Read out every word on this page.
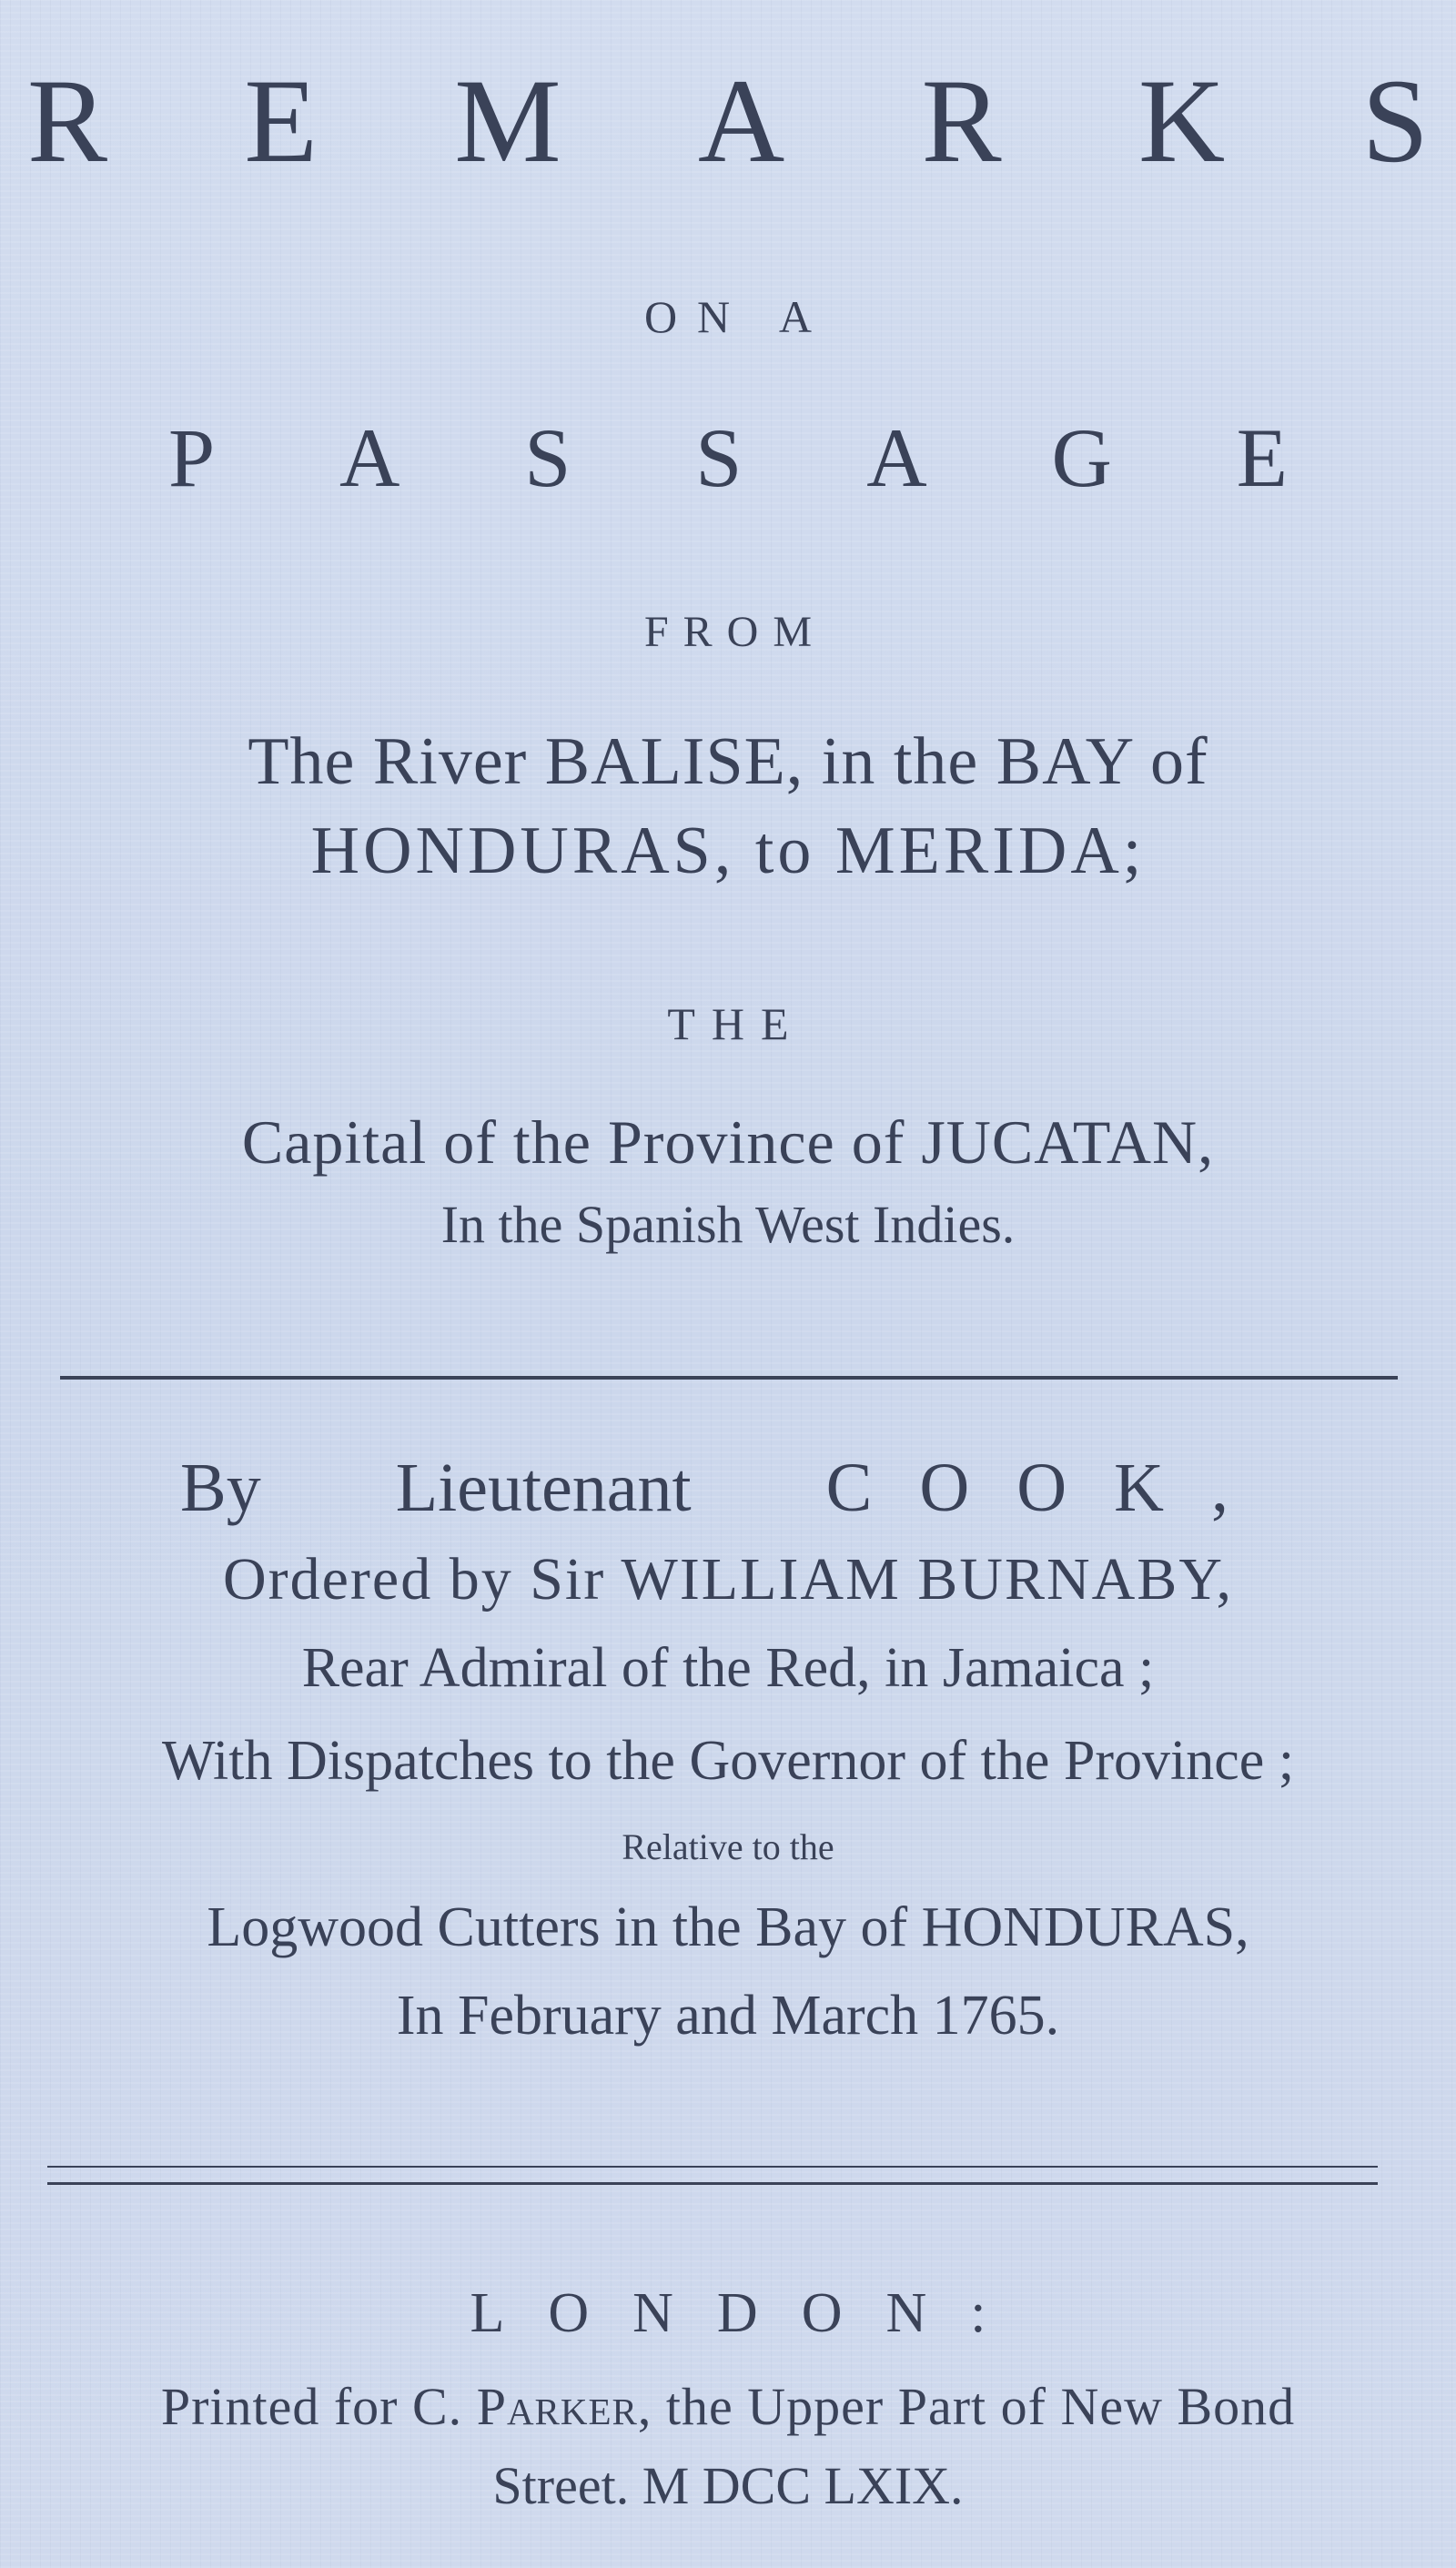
R E M A R K S

ON A

P A S S A G E

FROM

The River BALISE, in the BAY of

HONDURAS, to MERIDA;

THE

Capital of the Province of JUCATAN,

In the Spanish West Indies.

By Lieutenant COOK,

Ordered by Sir WILLIAM BURNABY,

Rear Admiral of the Red, in Jamaica ;

With Dispatches to the Governor of the Province ;

Relative to the

Logwood Cutters in the Bay of HONDURAS,

In February and March 1765.

LONDON:

Printed for C. Parker, the Upper Part of New Bond

Street. M DCC LXIX.
